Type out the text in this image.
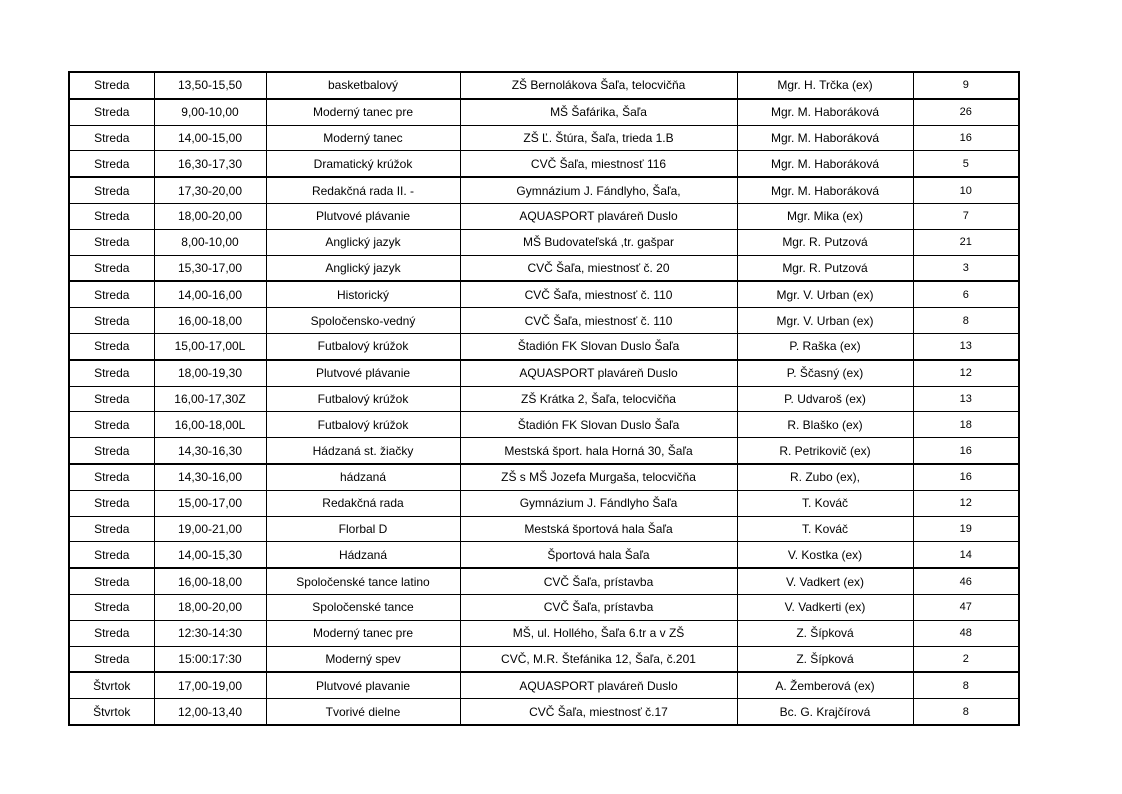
Streda	13,50-15,50	basketbalový	ZŠ Bernolákova Šaľa, telocvičňa	Mgr. H. Trčka (ex)	9
Streda	9,00-10,00	Moderný tanec pre	MŠ Šafárika, Šaľa	Mgr. M. Haboráková	26
Streda	14,00-15,00	Moderný tanec	ZŠ Ľ. Štúra, Šaľa, trieda 1.B	Mgr. M. Haboráková	16
Streda	16,30-17,30	Dramatický krúžok	CVČ Šaľa, miestnosť 116	Mgr. M. Haboráková	5
Streda	17,30-20,00	Redakčná rada II. -	Gymnázium J. Fándlyho, Šaľa,	Mgr. M. Haboráková	10
Streda	18,00-20,00	Plutvové plávanie	AQUASPORT plaváreň Duslo	Mgr. Mika (ex)	7
Streda	8,00-10,00	Anglický jazyk	MŠ Budovateľská ,tr. gašpar	Mgr. R. Putzová	21
Streda	15,30-17,00	Anglický jazyk	CVČ Šaľa, miestnosť č. 20	Mgr. R. Putzová	3
Streda	14,00-16,00	Historický	CVČ Šaľa, miestnosť č. 110	Mgr. V. Urban (ex)	6
Streda	16,00-18,00	Spoločensko-vedný	CVČ Šaľa, miestnosť č. 110	Mgr. V. Urban (ex)	8
Streda	15,00-17,00L	Futbalový krúžok	Štadión FK Slovan Duslo Šaľa	P. Raška (ex)	13
Streda	18,00-19,30	Plutvové plávanie	AQUASPORT plaváreň Duslo	P. Ščasný (ex)	12
Streda	16,00-17,30Z	Futbalový krúžok	ZŠ Krátka 2, Šaľa, telocvičňa	P. Udvaroš (ex)	13
Streda	16,00-18,00L	Futbalový krúžok	Štadión FK Slovan Duslo Šaľa	R. Blaško (ex)	18
Streda	14,30-16,30	Hádzaná st. žiačky	Mestská šport. hala Horná 30, Šaľa	R. Petrikovič (ex)	16
Streda	14,30-16,00	hádzaná	ZŠ s MŠ Jozefa Murgaša, telocvičňa	R. Zubo (ex),	16
Streda	15,00-17,00	Redakčná rada	Gymnázium J. Fándlyho Šaľa	T. Kováč	12
Streda	19,00-21,00	Florbal D	Mestská športová hala Šaľa	T. Kováč	19
Streda	14,00-15,30	Hádzaná	Športová hala Šaľa	V. Kostka (ex)	14
Streda	16,00-18,00	Spoločenské tance latino	CVČ Šaľa, prístavba	V. Vadkert (ex)	46
Streda	18,00-20,00	Spoločenské tance	CVČ Šaľa, prístavba	V. Vadkerti (ex)	47
Streda	12:30-14:30	Moderný tanec pre	MŠ, ul. Hollého, Šaľa 6.tr a v ZŠ	Z. Šípková	48
Streda	15:00:17:30	Moderný spev	CVČ, M.R. Štefánika 12, Šaľa, č.201	Z. Šípková	2
Štvrtok	17,00-19,00	Plutvové plavanie	AQUASPORT plaváreň Duslo	A. Žemberová (ex)	8
Štvrtok	12,00-13,40	Tvorivé dielne	CVČ Šaľa, miestnosť č.17	Bc. G. Krajčírová	8
